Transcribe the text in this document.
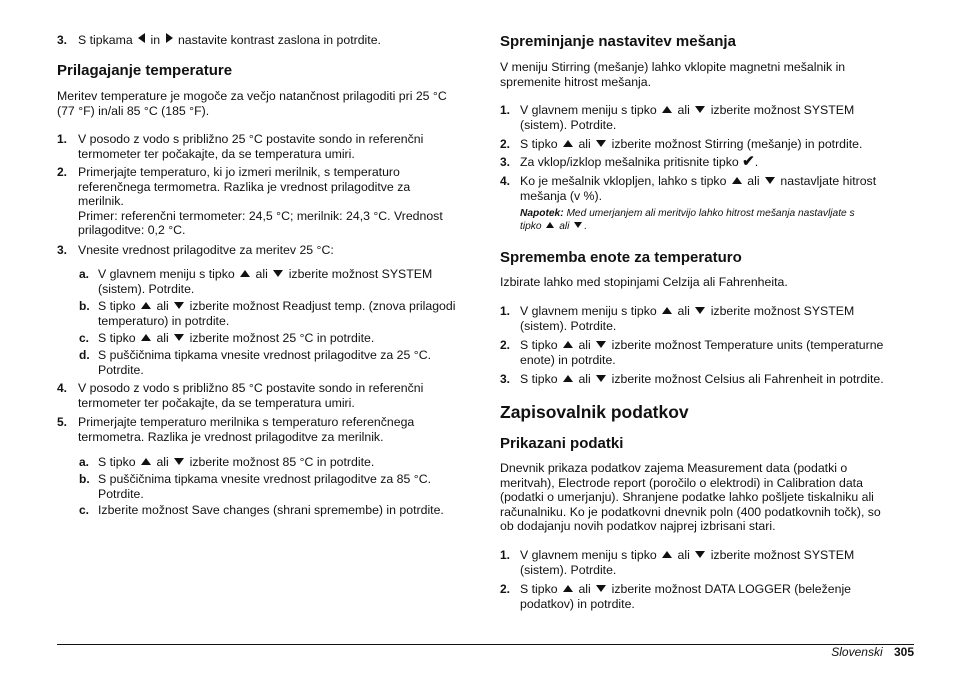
3. S tipkama in nastavite kontrast zaslona in potrdite.
Prilagajanje temperature
Meritev temperature je mogoče za večjo natančnost prilagoditi pri 25 °C
(77 °F) in/ali 85 °C (185 °F).
1. V posodo z vodo s približno 25 °C postavite sondo in referenčni
termometer ter počakajte, da se temperatura umiri.
2. Primerjajte temperaturo, ki jo izmeri merilnik, s temperaturo
referenčnega termometra. Razlika je vrednost prilagoditve za
merilnik.
Primer: referenčni termometer: 24,5 °C; merilnik: 24,3 °C. Vrednost
prilagoditve: 0,2 °C.
3. Vnesite vrednost prilagoditve za meritev 25 °C:
a. V glavnem meniju s tipko ali izberite možnost SYSTEM
(sistem). Potrdite.
b. S tipko ali izberite možnost Readjust temp. (znova prilagodi
temperaturo) in potrdite.
c. S tipko ali izberite možnost 25 °C in potrdite.
d. S puščičnima tipkama vnesite vrednost prilagoditve za 25 °C.
Potrdite.
4. V posodo z vodo s približno 85 °C postavite sondo in referenčni
termometer ter počakajte, da se temperatura umiri.
5. Primerjajte temperaturo merilnika s temperaturo referenčnega
termometra. Razlika je vrednost prilagoditve za merilnik.
a. S tipko ali izberite možnost 85 °C in potrdite.
b. S puščičnima tipkama vnesite vrednost prilagoditve za 85 °C.
Potrdite.
c. Izberite možnost Save changes (shrani spremembe) in potrdite.
Spreminjanje nastavitev mešanja
V meniju Stirring (mešanje) lahko vklopite magnetni mešalnik in
spremenite hitrost mešanja.
1. V glavnem meniju s tipko ali izberite možnost SYSTEM
(sistem). Potrdite.
2. S tipko ali izberite možnost Stirring (mešanje) in potrdite.
3. Za vklop/izklop mešalnika pritisnite tipko ✔.
4. Ko je mešalnik vklopljen, lahko s tipko ali nastavljate hitrost
mešanja (v %).
Napotek: Med umerjanjem ali meritvijo lahko hitrost mešanja nastavljate s
tipko ali .
Sprememba enote za temperaturo
Izbirate lahko med stopinjami Celzija ali Fahrenheita.
1. V glavnem meniju s tipko ali izberite možnost SYSTEM
(sistem). Potrdite.
2. S tipko ali izberite možnost Temperature units (temperaturne
enote) in potrdite.
3. S tipko ali izberite možnost Celsius ali Fahrenheit in potrdite.
Zapisovalnik podatkov
Prikazani podatki
Dnevnik prikaza podatkov zajema Measurement data (podatki o
meritvah), Electrode report (poročilo o elektrodi) in Calibration data
(podatki o umerjanju). Shranjene podatke lahko pošljete tiskalniku ali
računalniku. Ko je podatkovni dnevnik poln (400 podatkovnih točk), so
ob dodajanju novih podatkov najprej izbrisani stari.
1. V glavnem meniju s tipko ali izberite možnost SYSTEM
(sistem). Potrdite.
2. S tipko ali izberite možnost DATA LOGGER (beleženje
podatkov) in potrdite.
Slovenski 305
